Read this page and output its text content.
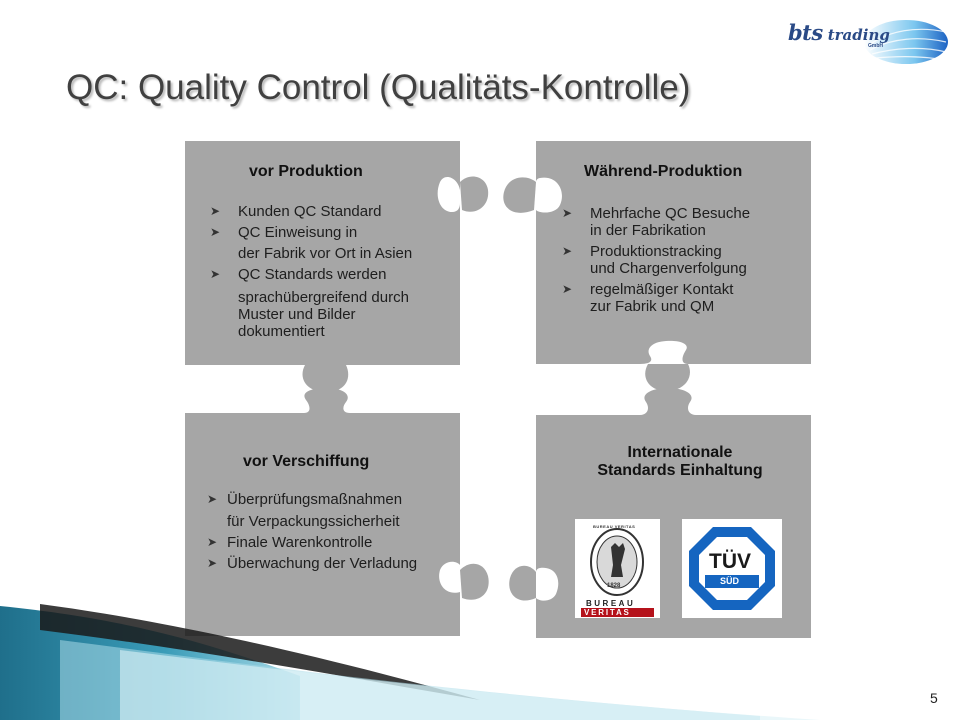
QC: Quality Control (Qualitäts-Kontrolle)
bts trading
GmbH
vor Produktion
➤ Kunden QC Standard
➤ QC Einweisung in
der Fabrik vor Ort in Asien
➤ QC Standards werden
sprachübergreifend durch
Muster und Bilder
dokumentiert
Während-Produktion
➤ Mehrfache QC Besuche
in der Fabrikation
➤ Produktionstracking
und Chargenverfolgung
➤ regelmäßiger Kontakt
zur Fabrik und QM
vor Verschiffung
➤ Überprüfungsmaßnahmen
für Verpackungssicherheit
➤ Finale Warenkontrolle
➤ Überwachung der Verladung
Internationale
Standards Einhaltung
1828
BUREAU VERITAS
BUREAU
VERITAS
TÜV
SÜD
5
